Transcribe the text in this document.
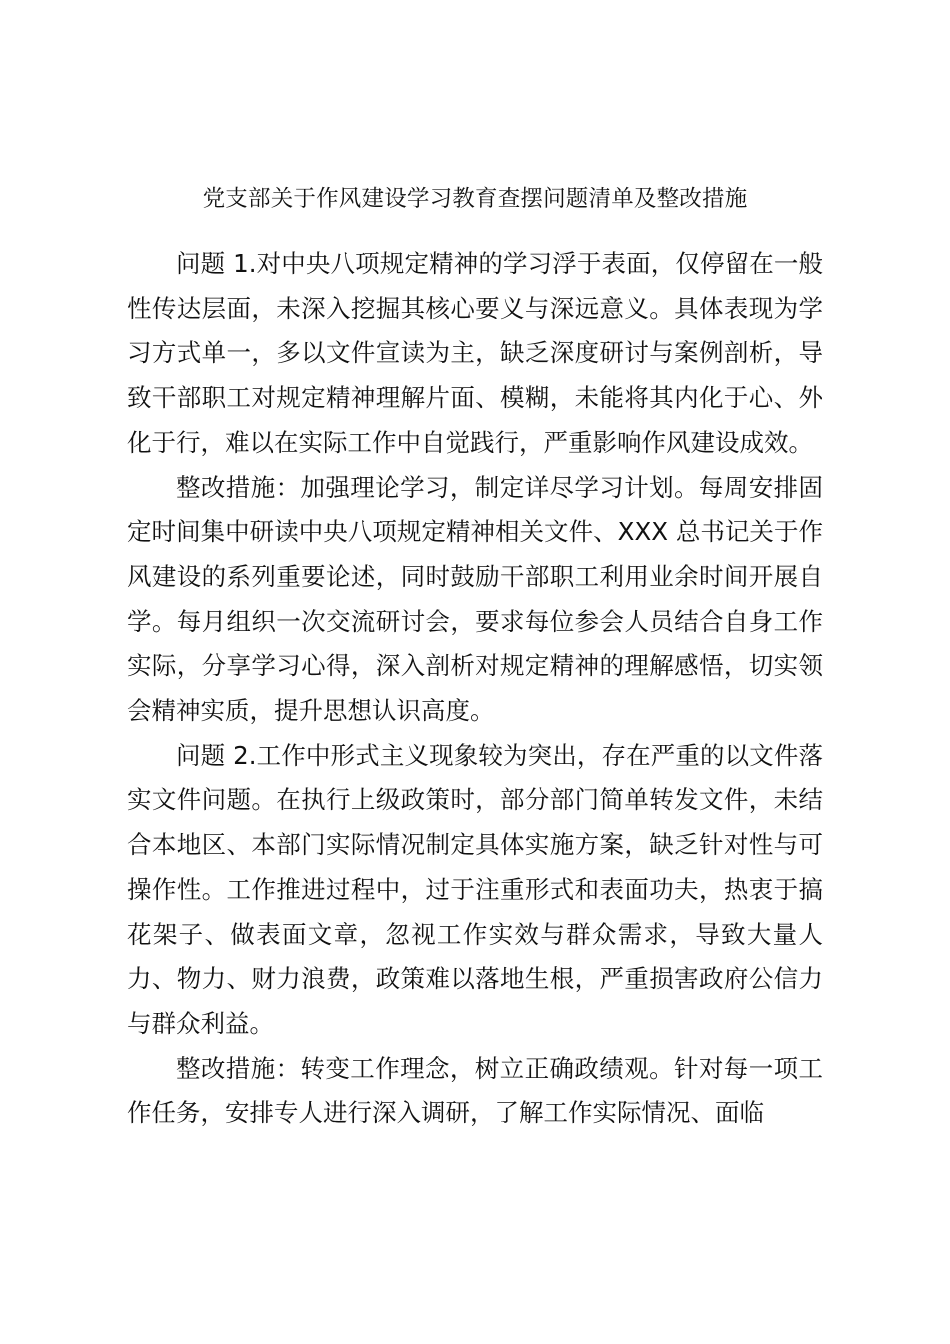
党支部关于作风建设学习教育查摆问题清单及整改措施

问题 1.对中央八项规定精神的学习浮于表面，仅停留在一般性传达层面，未深入挖掘其核心要义与深远意义。具体表现为学习方式单一，多以文件宣读为主，缺乏深度研讨与案例剖析，导致干部职工对规定精神理解片面、模糊，未能将其内化于心、外化于行，难以在实际工作中自觉践行，严重影响作风建设成效。

整改措施：加强理论学习，制定详尽学习计划。每周安排固定时间集中研读中央八项规定精神相关文件、XXX 总书记关于作风建设的系列重要论述，同时鼓励干部职工利用业余时间开展自学。每月组织一次交流研讨会，要求每位参会人员结合自身工作实际，分享学习心得，深入剖析对规定精神的理解感悟，切实领会精神实质，提升思想认识高度。

问题 2.工作中形式主义现象较为突出，存在严重的以文件落实文件问题。在执行上级政策时，部分部门简单转发文件，未结合本地区、本部门实际情况制定具体实施方案，缺乏针对性与可操作性。工作推进过程中，过于注重形式和表面功夫，热衷于搞花架子、做表面文章，忽视工作实效与群众需求，导致大量人力、物力、财力浪费，政策难以落地生根，严重损害政府公信力与群众利益。

整改措施：转变工作理念，树立正确政绩观。针对每一项工作任务，安排专人进行深入调研，了解工作实际情况、面临
